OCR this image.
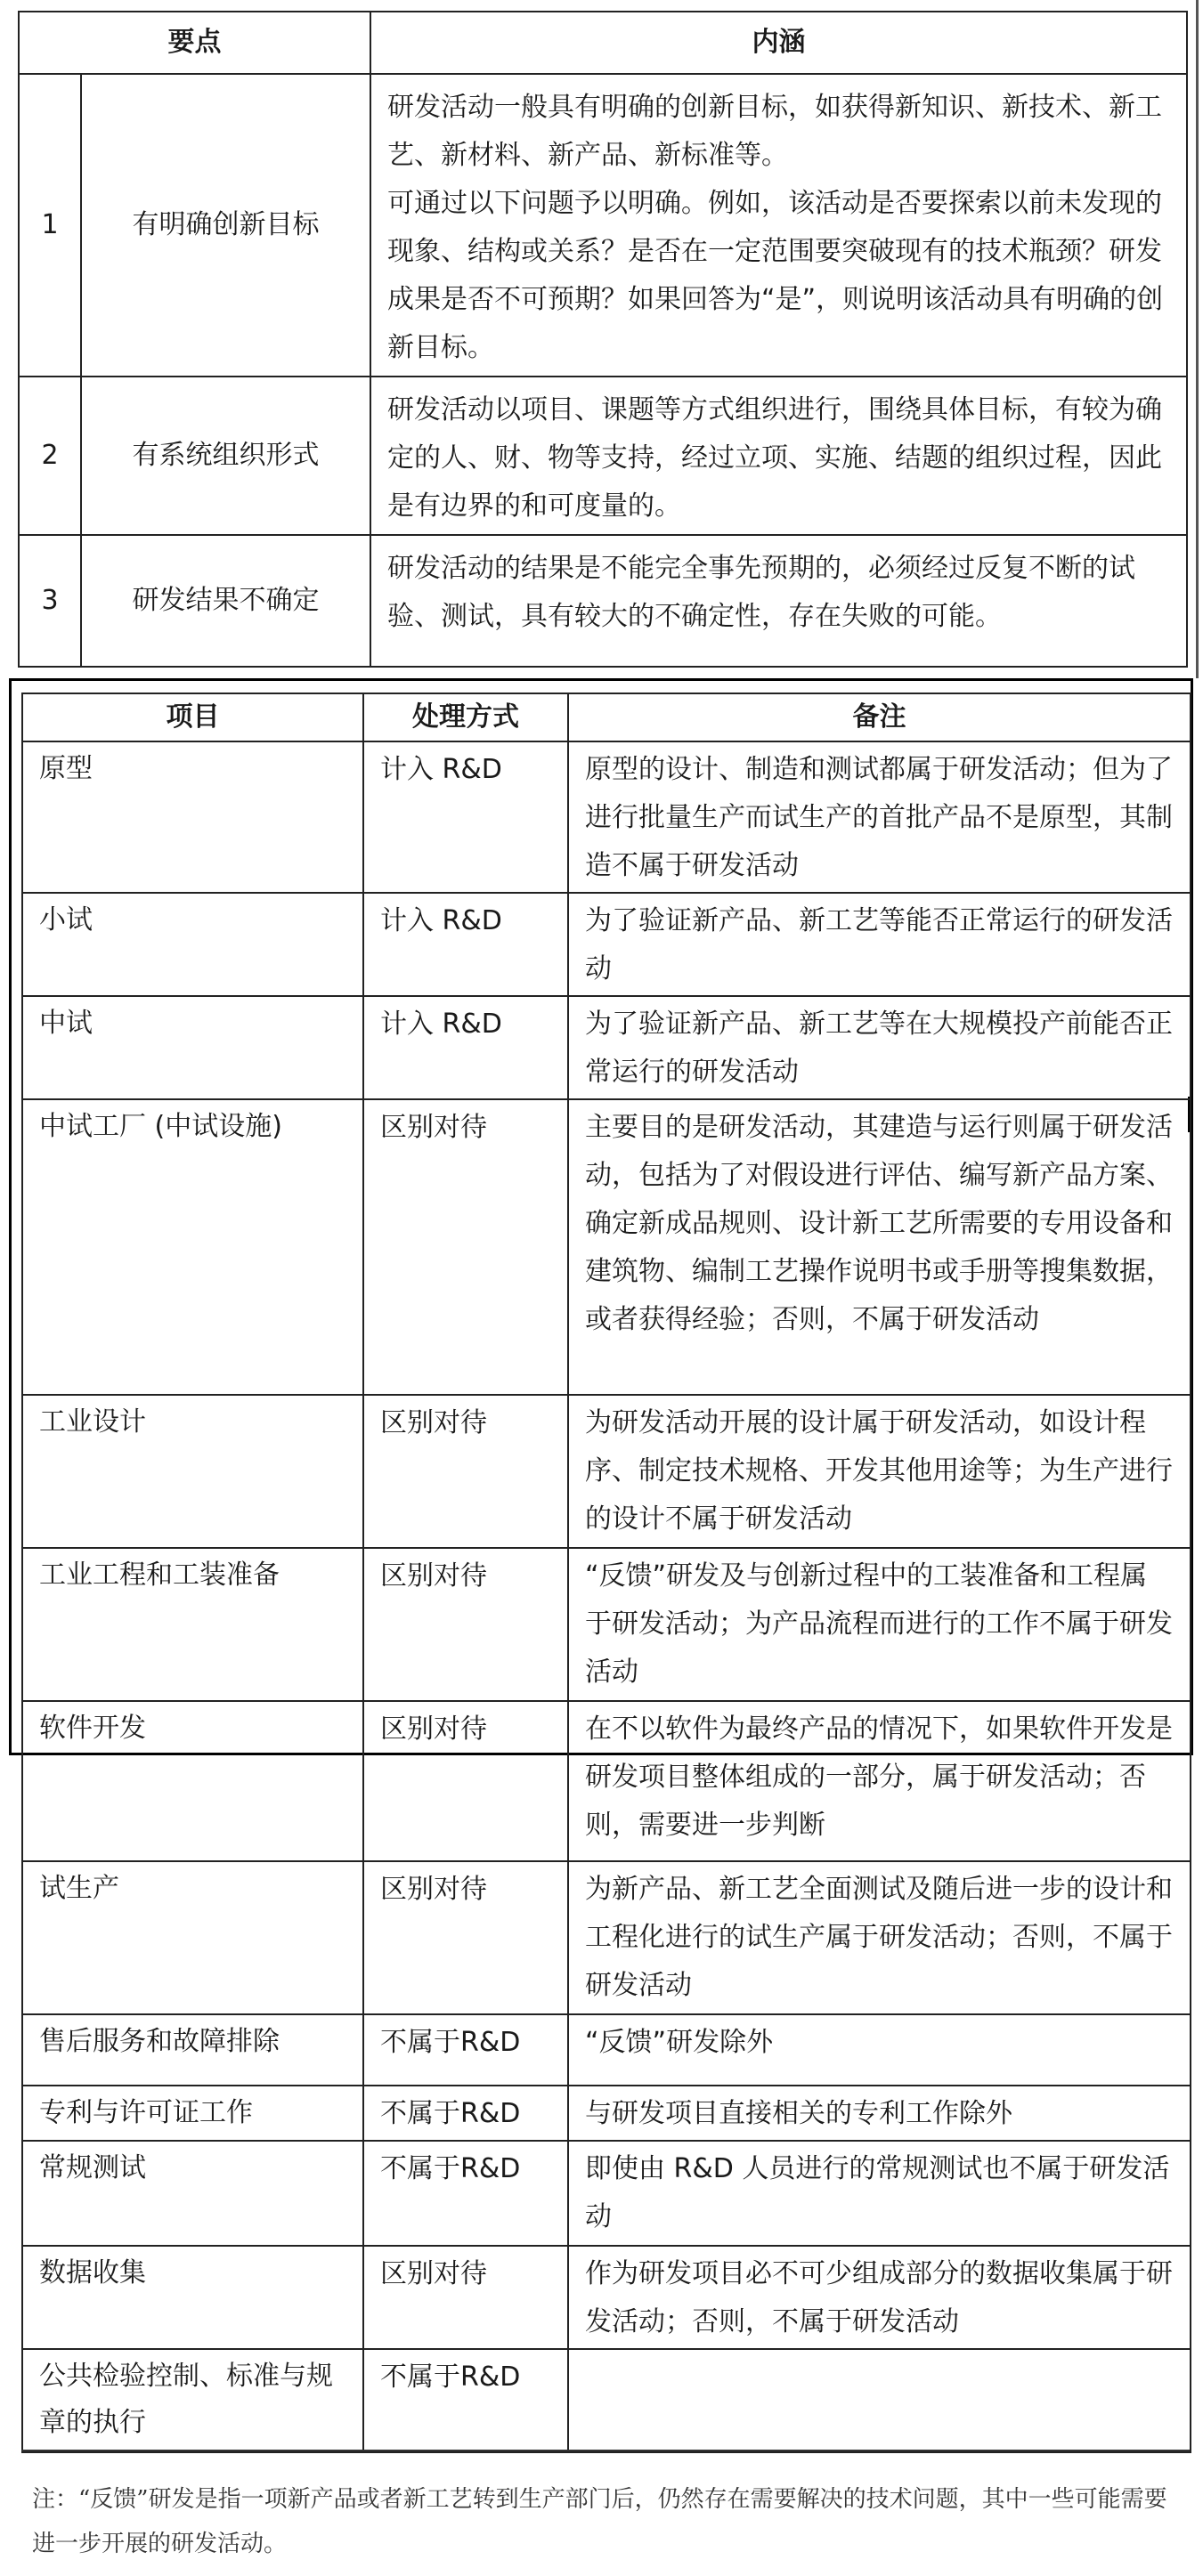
要点		内涵
1	有明确创新目标	研发活动一般具有明确的创新目标，如获得新知识、新技术、新工艺、新材料、新产品、新标准等。

可通过以下问题予以明确。例如，该活动是否要探索以前未发现的现象、结构或关系？是否在一定范围要突破现有的技术瓶颈？研发成果是否不可预期？如果回答为“是”，则说明该活动具有明确的创新目标。

2	有系统组织形式	研发活动以项目、课题等方式组织进行，围绕具体目标，有较为确定的人、财、物等支持，经过立项、实施、结题的组织过程，因此是有边界的和可度量的。

3	研发结果不确定	研发活动的结果是不能完全事先预期的，必须经过反复不断的试验、测试，具有较大的不确定性，存在失败的可能。

项目	处理方式	备注
原型	计入 R&D	原型的设计、制造和测试都属于研发活动；但为了进行批量生产而试生产的首批产品不是原型，其制造不属于研发活动
小试	计入 R&D	为了验证新产品、新工艺等能否正常运行的研发活动
中试	计入 R&D	为了验证新产品、新工艺等在大规模投产前能否正常运行的研发活动
中试工厂 (中试设施)	区别对待	主要目的是研发活动，其建造与运行则属于研发活动，包括为了对假设进行评估、编写新产品方案、确定新成品规则、设计新工艺所需要的专用设备和建筑物、编制工艺操作说明书或手册等搜集数据，或者获得经验；否则，不属于研发活动
工业设计	区别对待	为研发活动开展的设计属于研发活动，如设计程序、制定技术规格、开发其他用途等；为生产进行的设计不属于研发活动
工业工程和工装准备	区别对待	“反馈”研发及与创新过程中的工装准备和工程属于研发活动；为产品流程而进行的工作不属于研发活动
软件开发	区别对待	在不以软件为最终产品的情况下，如果软件开发是研发项目整体组成的一部分，属于研发活动；否则，需要进一步判断
试生产	区别对待	为新产品、新工艺全面测试及随后进一步的设计和工程化进行的试生产属于研发活动；否则，不属于研发活动
售后服务和故障排除	不属于R&D	“反馈”研发除外
专利与许可证工作	不属于R&D	与研发项目直接相关的专利工作除外
常规测试	不属于R&D	即使由 R&D 人员进行的常规测试也不属于研发活动
数据收集	区别对待	作为研发项目必不可少组成部分的数据收集属于研发活动；否则，不属于研发活动
公共检验控制、标准与规章的执行	不属于R&D	
注：“反馈”研发是指一项新产品或者新工艺转到生产部门后，仍然存在需要解决的技术问题，其中一些可能需要进一步开展的研发活动。
